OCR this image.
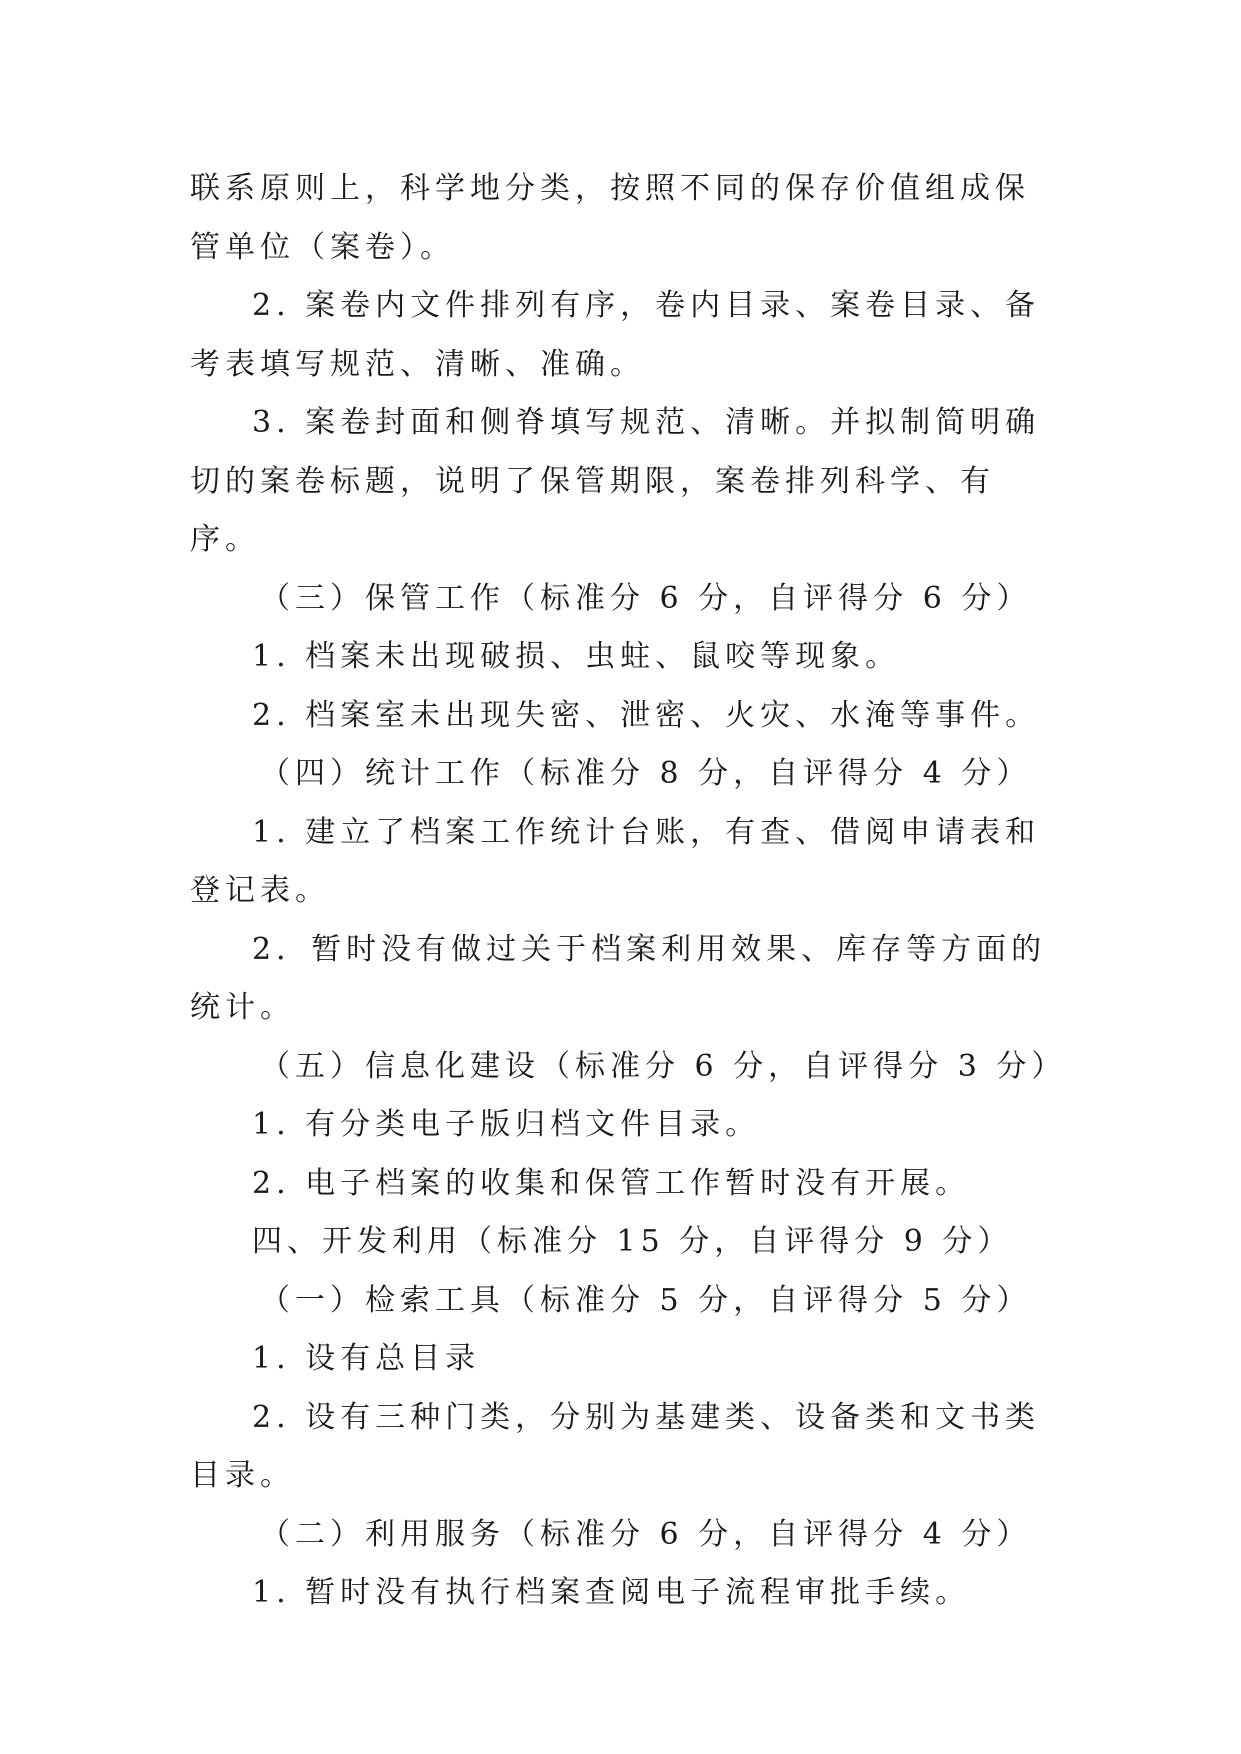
联系原则上，科学地分类，按照不同的保存价值组成保管单位（案卷）。

2. 案卷内文件排列有序，卷内目录、案卷目录、备考表填写规范、清晰、准确。

3. 案卷封面和侧脊填写规范、清晰。并拟制简明确切的案卷标题，说明了保管期限，案卷排列科学、有序。

（三）保管工作（标准分 6 分，自评得分 6 分）

1. 档案未出现破损、虫蛀、鼠咬等现象。

2. 档案室未出现失密、泄密、火灾、水淹等事件。

（四）统计工作（标准分 8 分，自评得分 4 分）

1. 建立了档案工作统计台账，有查、借阅申请表和登记表。

2．暂时没有做过关于档案利用效果、库存等方面的统计。

（五）信息化建设（标准分 6 分，自评得分 3 分）

1. 有分类电子版归档文件目录。

2. 电子档案的收集和保管工作暂时没有开展。

四、开发利用（标准分 15 分，自评得分 9 分）

（一）检索工具（标准分 5 分，自评得分 5 分）

1. 设有总目录

2. 设有三种门类，分别为基建类、设备类和文书类目录。

（二）利用服务（标准分 6 分，自评得分 4 分）

1. 暂时没有执行档案查阅电子流程审批手续。
